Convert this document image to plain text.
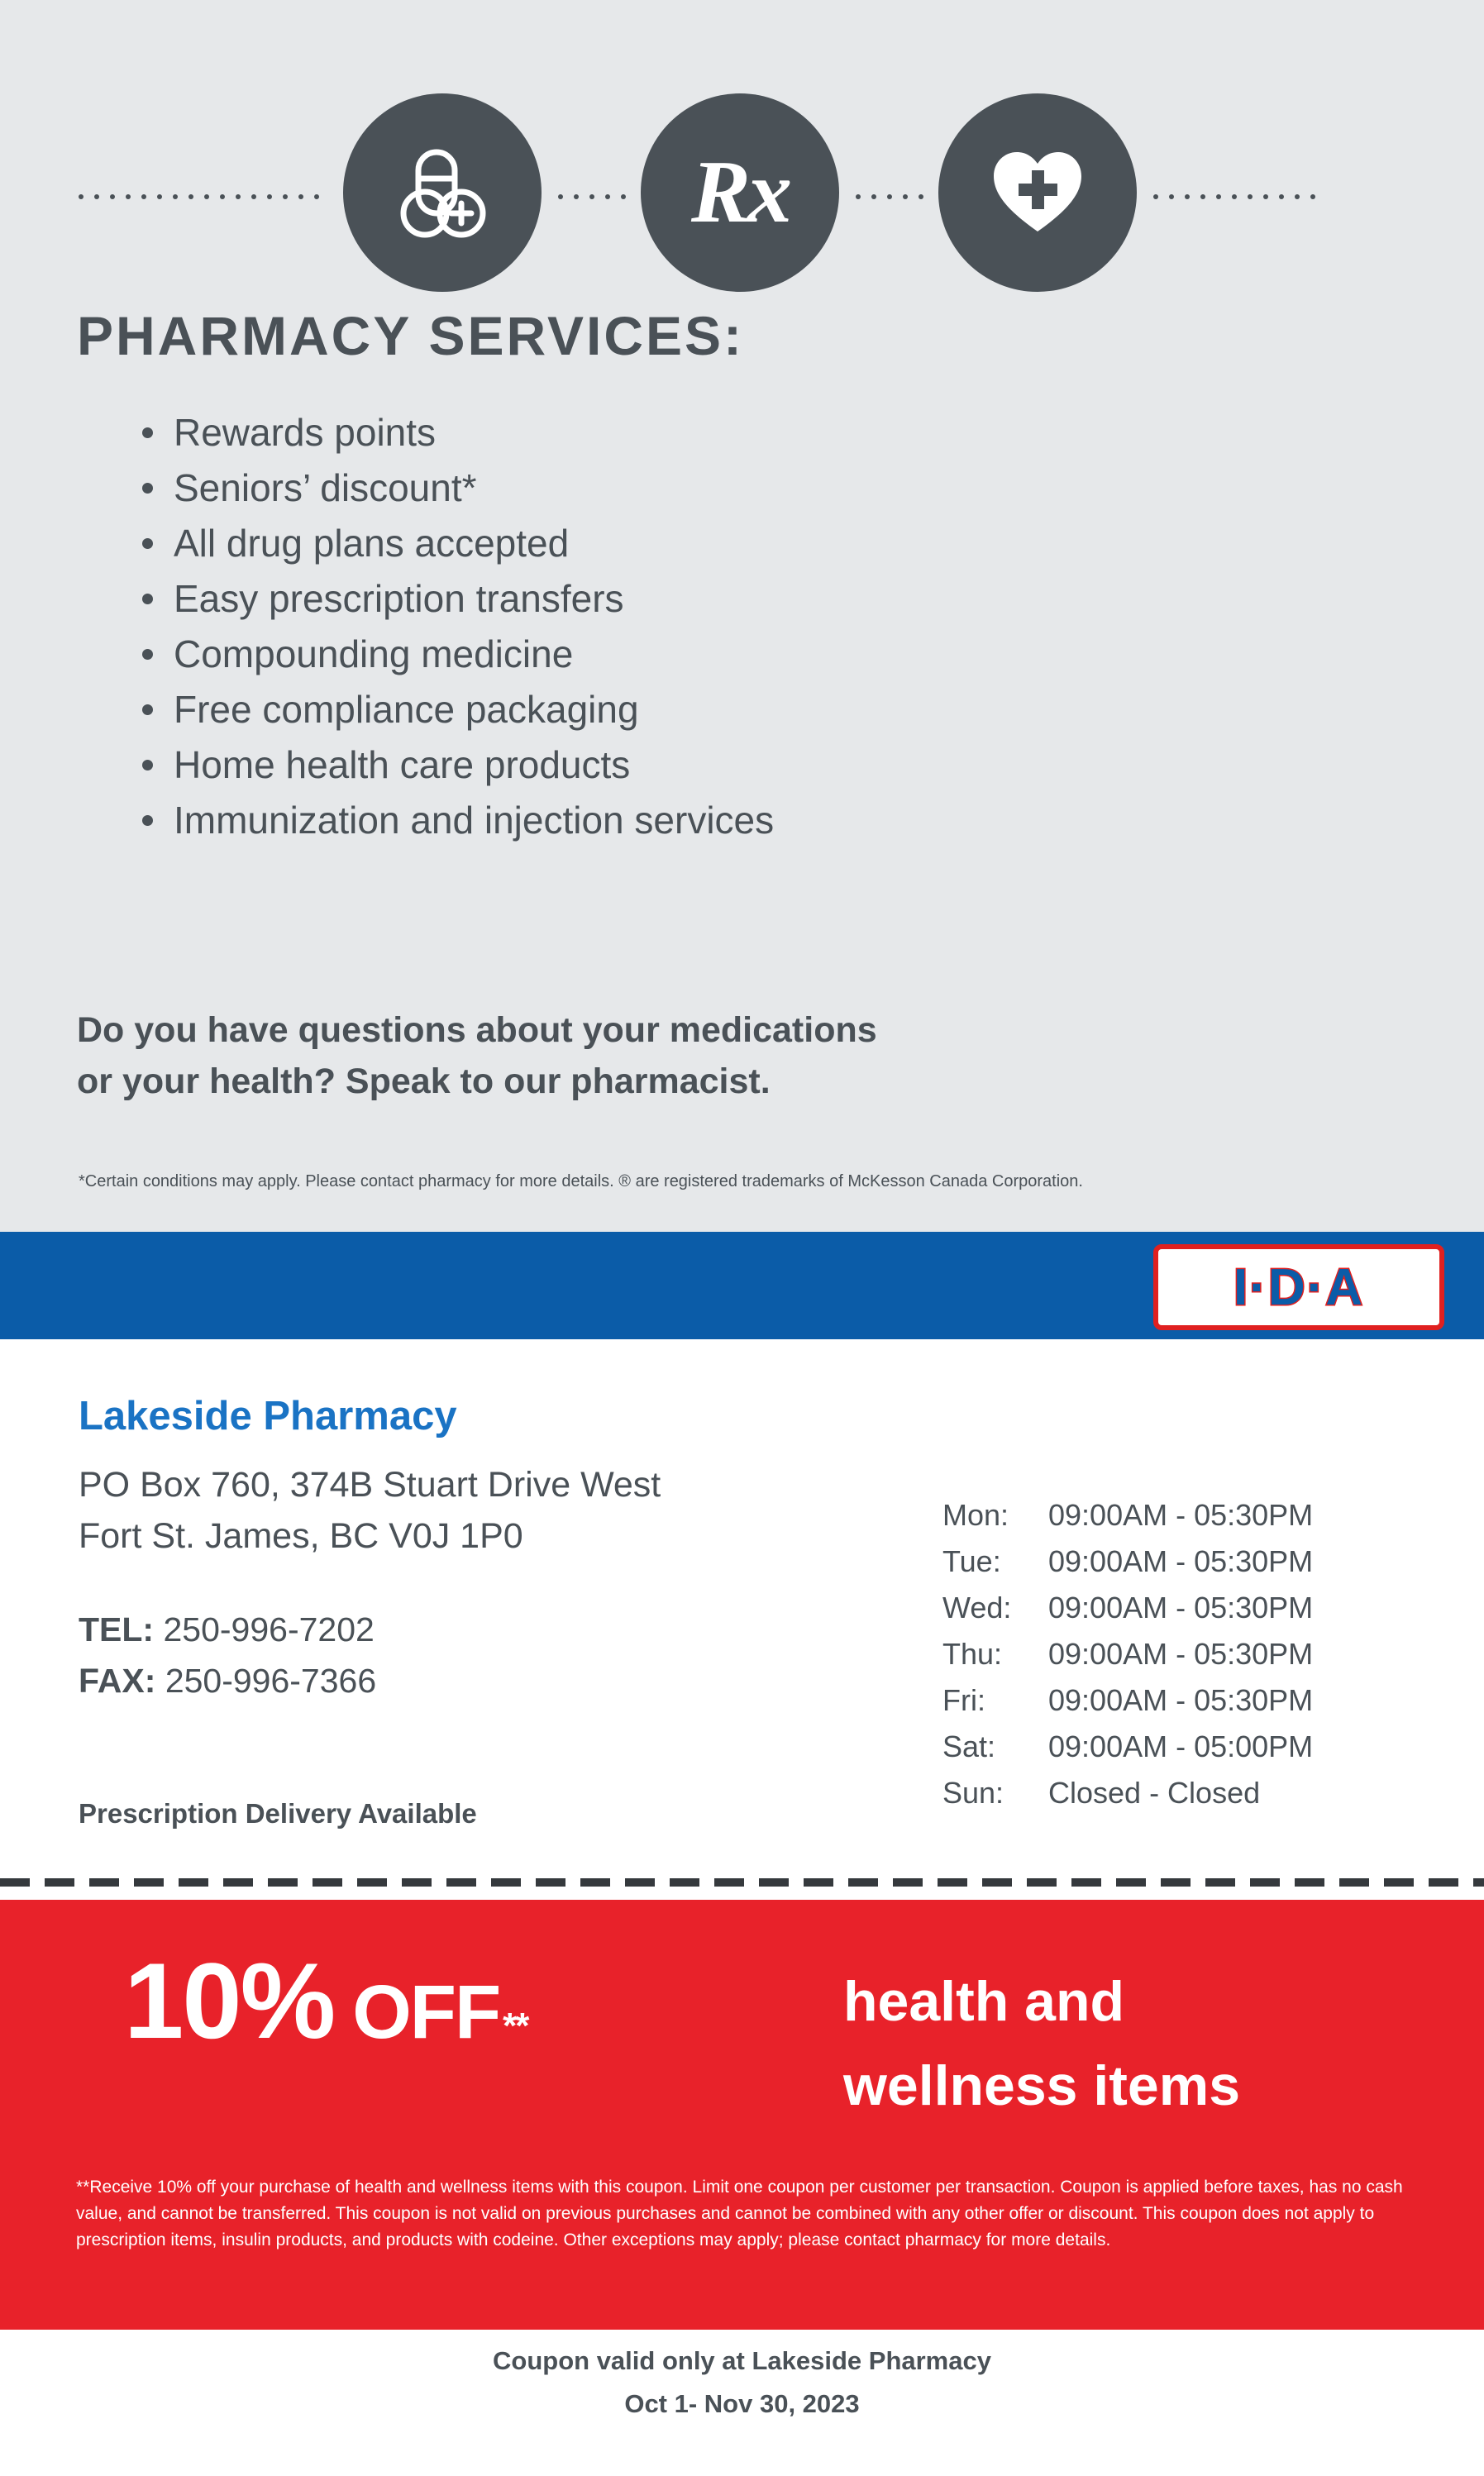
Rx
PHARMACY SERVICES:
Rewards points
Seniors’ discount*
All drug plans accepted
Easy prescription transfers
Compounding medicine
Free compliance packaging
Home health care products
Immunization and injection services
Do you have questions about your medications
or your health? Speak to our pharmacist.
*Certain conditions may apply. Please contact pharmacy for more details. ® are registered trademarks of McKesson Canada Corporation.
I·D·A
Lakeside Pharmacy
PO Box 760, 374B Stuart Drive West
Fort St. James, BC V0J 1P0
TEL: 250-996-7202
FAX: 250-996-7366
Prescription Delivery Available
Mon:	09:00AM - 05:30PM
Tue:	09:00AM - 05:30PM
Wed:	09:00AM - 05:30PM
Thu:	09:00AM - 05:30PM
Fri:	09:00AM - 05:30PM
Sat:	09:00AM - 05:00PM
Sun:	Closed - Closed
10% OFF **	health and
wellness items
**Receive 10% off your purchase of health and wellness items with this coupon. Limit one coupon per customer per transaction. Coupon is applied before taxes, has no cash value, and cannot be transferred. This coupon is not valid on previous purchases and cannot be combined with any other offer or discount. This coupon does not apply to prescription items, insulin products, and products with codeine. Other exceptions may apply; please contact pharmacy for more details.
Coupon valid only at Lakeside Pharmacy
Oct 1- Nov 30, 2023
